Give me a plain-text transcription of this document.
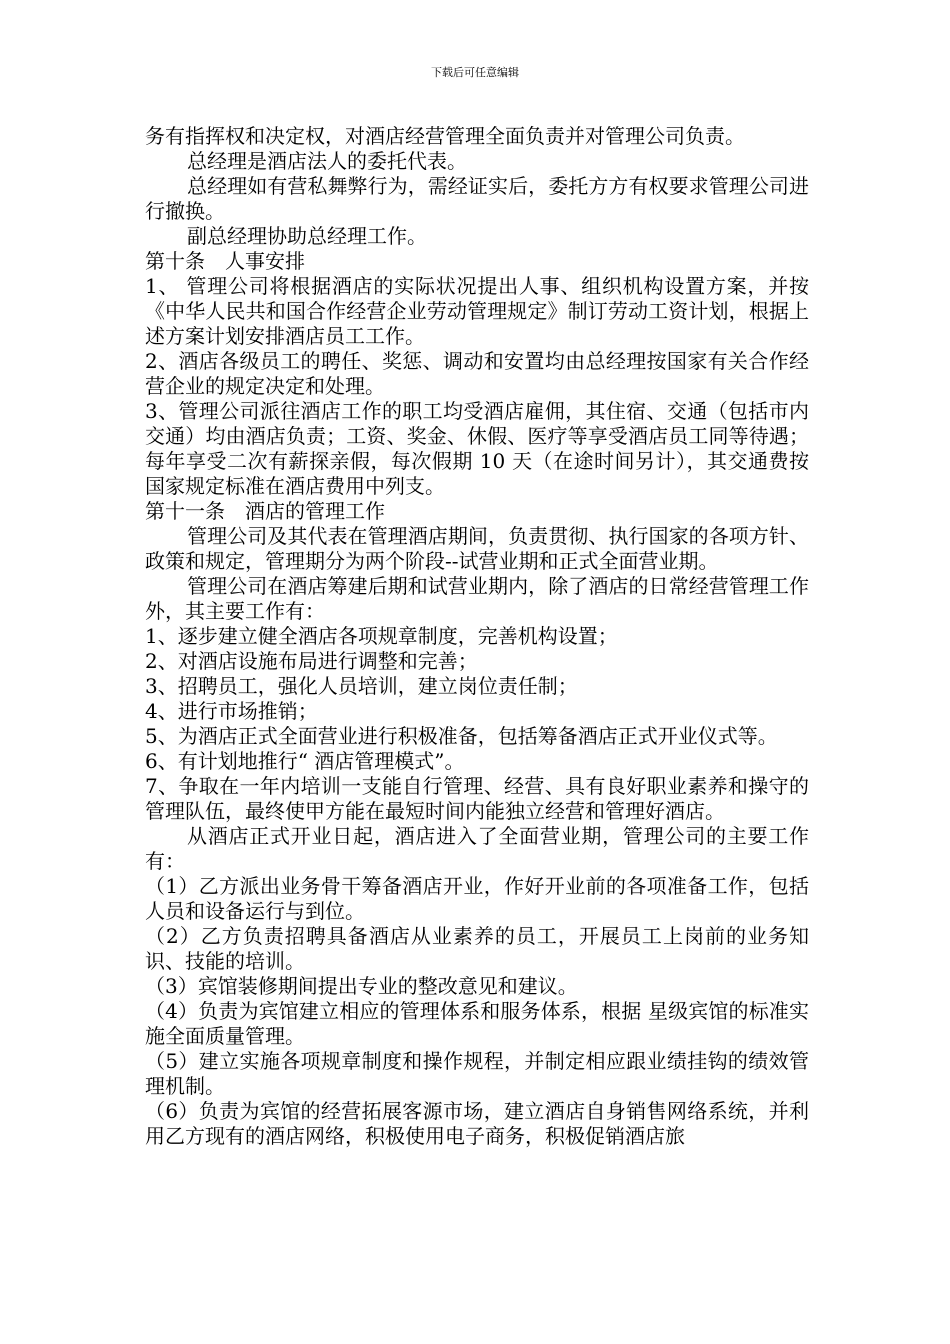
下载后可任意编辑

务有指挥权和决定权，对酒店经营管理全面负责并对管理公司负责。

总经理是酒店法人的委托代表。

总经理如有营私舞弊行为，需经证实后，委托方方有权要求管理公司进行撤换。

副总经理协助总经理工作。

第十条　人事安排

1、 管理公司将根据酒店的实际状况提出人事、组织机构设置方案，并按《中华人民共和国合作经营企业劳动管理规定》制订劳动工资计划，根据上述方案计划安排酒店员工工作。

2、酒店各级员工的聘任、奖惩、调动和安置均由总经理按国家有关合作经营企业的规定决定和处理。

3、管理公司派往酒店工作的职工均受酒店雇佣，其住宿、交通（包括市内交通）均由酒店负责；工资、奖金、休假、医疗等享受酒店员工同等待遇；每年享受二次有薪探亲假，每次假期 10 天（在途时间另计），其交通费按国家规定标准在酒店费用中列支。

第十一条　酒店的管理工作

管理公司及其代表在管理酒店期间，负责贯彻、执行国家的各项方针、政策和规定，管理期分为两个阶段--试营业期和正式全面营业期。

管理公司在酒店筹建后期和试营业期内，除了酒店的日常经营管理工作外，其主要工作有：

1、逐步建立健全酒店各项规章制度，完善机构设置；

2、对酒店设施布局进行调整和完善；

3、招聘员工，强化人员培训，建立岗位责任制；

4、进行市场推销；

5、为酒店正式全面营业进行积极准备，包括筹备酒店正式开业仪式等。

6、有计划地推行“ 酒店管理模式”。

7、争取在一年内培训一支能自行管理、经营、具有良好职业素养和操守的管理队伍，最终使甲方能在最短时间内能独立经营和管理好酒店。

从酒店正式开业日起，酒店进入了全面营业期，管理公司的主要工作有：

（1）乙方派出业务骨干筹备酒店开业，作好开业前的各项准备工作，包括人员和设备运行与到位。

（2）乙方负责招聘具备酒店从业素养的员工，开展员工上岗前的业务知识、技能的培训。

（3）宾馆装修期间提出专业的整改意见和建议。

（4）负责为宾馆建立相应的管理体系和服务体系，根据 星级宾馆的标准实施全面质量管理。

（5）建立实施各项规章制度和操作规程，并制定相应跟业绩挂钩的绩效管理机制。

（6）负责为宾馆的经营拓展客源市场，建立酒店自身销售网络系统，并利用乙方现有的酒店网络，积极使用电子商务，积极促销酒店旅
